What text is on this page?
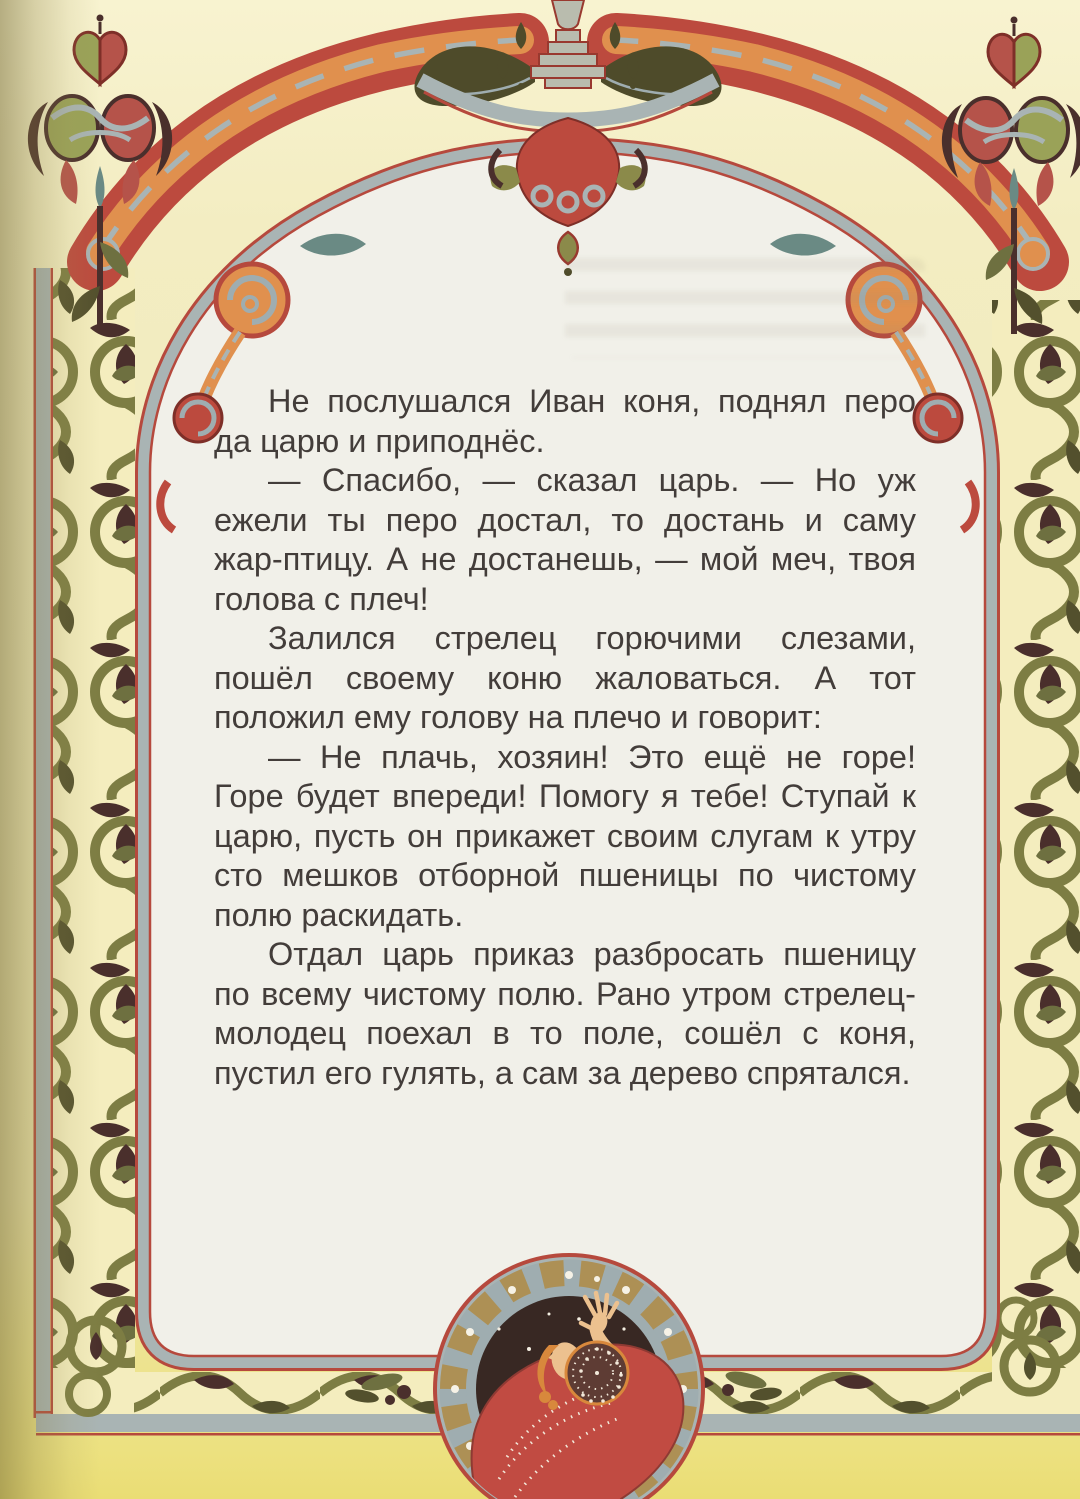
Не послушался Иван коня, поднял перо да царю и приподнёс.

— Спасибо, — сказал царь. — Но уж ежели ты перо достал, то достань и саму жар-птицу. А не достанешь, — мой меч, твоя голова с плеч!

Залился стрелец горючими слезами, пошёл своему коню жаловаться. А тот положил ему голову на плечо и говорит:

— Не плачь, хозяин! Это ещё не горе! Горе будет впереди! Помогу я тебе! Ступай к царю, пусть он прикажет своим слугам к утру сто мешков отборной пшеницы по чистому полю раскидать.

Отдал царь приказ разбросать пшеницу по всему чистому полю. Рано утром стрелец-молодец поехал в то поле, сошёл с коня, пустил его гулять, а сам за дерево спрятался.
